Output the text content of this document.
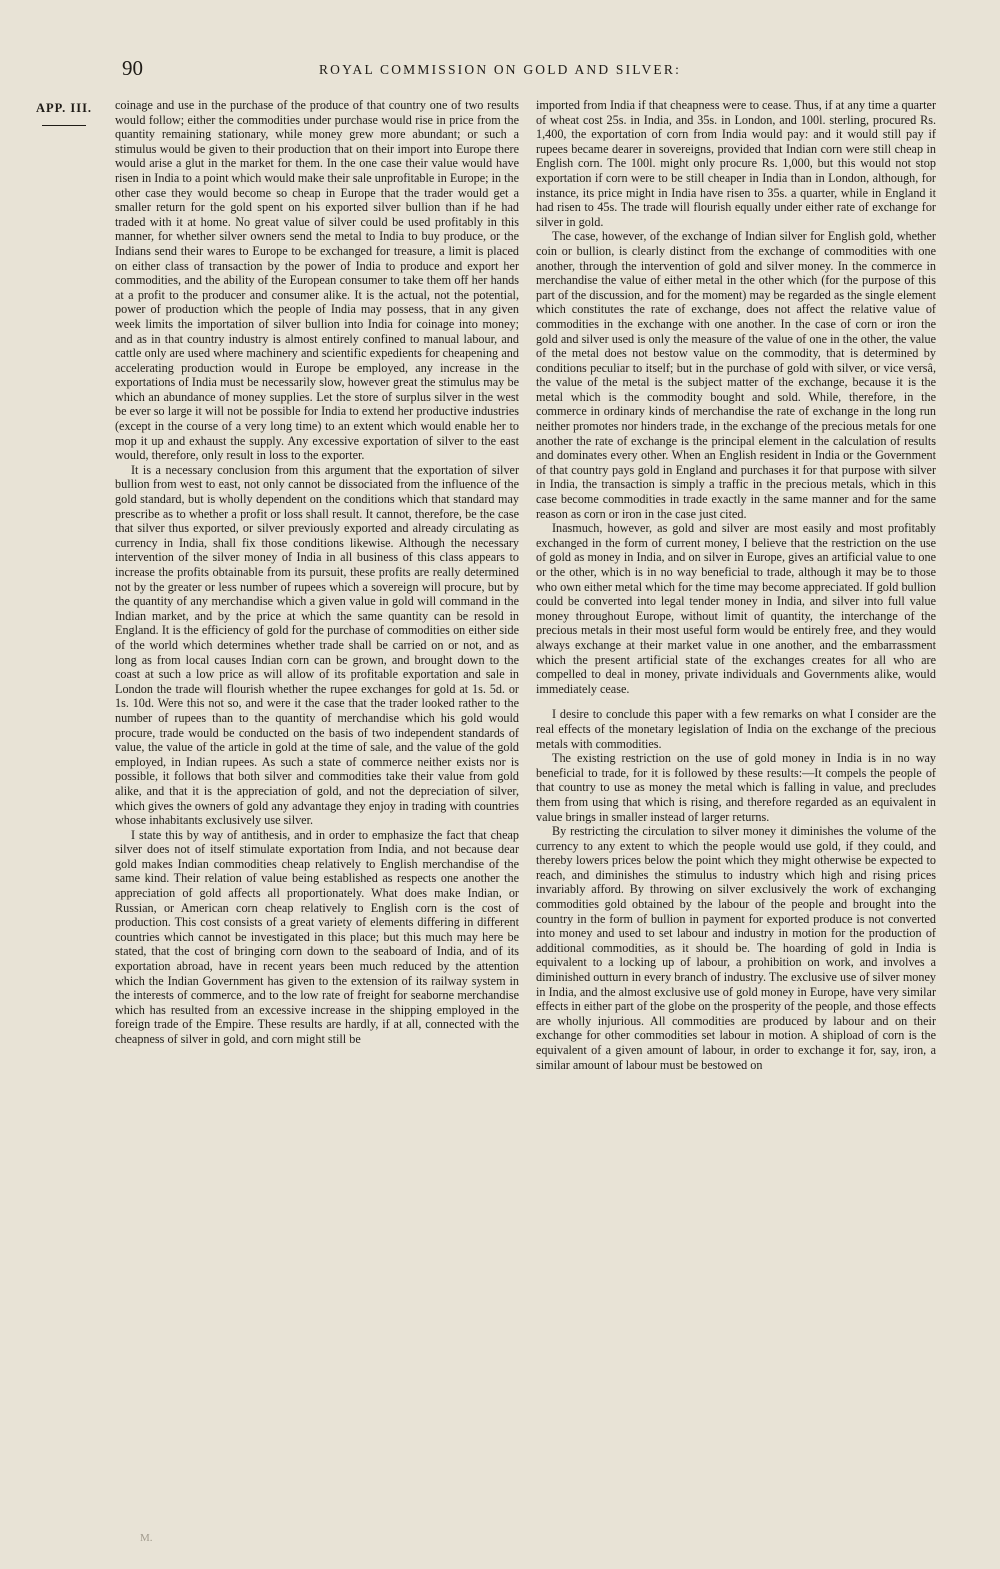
90	ROYAL COMMISSION ON GOLD AND SILVER:
APP. III. coinage and use in the purchase of the produce of that country one of two results would follow; either the commodities under purchase would rise in price from the quantity remaining stationary, while money grew more abundant; or such a stimulus would be given to their production that on their import into Europe there would arise a glut in the market for them. In the one case their value would have risen in India to a point which would make their sale unprofitable in Europe; in the other case they would become so cheap in Europe that the trader would get a smaller return for the gold spent on his exported silver bullion than if he had traded with it at home. No great value of silver could be used profitably in this manner, for whether silver owners send the metal to India to buy produce, or the Indians send their wares to Europe to be exchanged for treasure, a limit is placed on either class of transaction by the power of India to produce and export her commodities, and the ability of the European consumer to take them off her hands at a profit to the producer and consumer alike. It is the actual, not the potential, power of production which the people of India may possess, that in any given week limits the importation of silver bullion into India for coinage into money; and as in that country industry is almost entirely confined to manual labour, and cattle only are used where machinery and scientific expedients for cheapening and accelerating production would in Europe be employed, any increase in the exportations of India must be necessarily slow, however great the stimulus may be which an abundance of money supplies. Let the store of surplus silver in the west be ever so large it will not be possible for India to extend her productive industries (except in the course of a very long time) to an extent which would enable her to mop it up and exhaust the supply. Any excessive exportation of silver to the east would, therefore, only result in loss to the exporter.

It is a necessary conclusion from this argument that the exportation of silver bullion from west to east, not only cannot be dissociated from the influence of the gold standard, but is wholly dependent on the conditions which that standard may prescribe as to whether a profit or loss shall result. It cannot, therefore, be the case that silver thus exported, or silver previously exported and already circulating as currency in India, shall fix those conditions likewise. Although the necessary intervention of the silver money of India in all business of this class appears to increase the profits obtainable from its pursuit, these profits are really determined not by the greater or less number of rupees which a sovereign will procure, but by the quantity of any merchandise which a given value in gold will command in the Indian market, and by the price at which the same quantity can be resold in England. It is the efficiency of gold for the purchase of commodities on either side of the world which determines whether trade shall be carried on or not, and as long as from local causes Indian corn can be grown, and brought down to the coast at such a low price as will allow of its profitable exportation and sale in London the trade will flourish whether the rupee exchanges for gold at 1s. 5d. or 1s. 10d. Were this not so, and were it the case that the trader looked rather to the number of rupees than to the quantity of merchandise which his gold would procure, trade would be conducted on the basis of two independent standards of value, the value of the article in gold at the time of sale, and the value of the gold employed, in Indian rupees. As such a state of commerce neither exists nor is possible, it follows that both silver and commodities take their value from gold alike, and that it is the appreciation of gold, and not the depreciation of silver, which gives the owners of gold any advantage they enjoy in trading with countries whose inhabitants exclusively use silver.

I state this by way of antithesis, and in order to emphasize the fact that cheap silver does not of itself stimulate exportation from India, and not because dear gold makes Indian commodities cheap relatively to English merchandise of the same kind. Their relation of value being established as respects one another the appreciation of gold affects all proportionately. What does make Indian, or Russian, or American corn cheap relatively to English corn is the cost of production. This cost consists of a great variety of elements differing in different countries which cannot be investigated in this place; but this much may here be stated, that the cost of bringing corn down to the seaboard of India, and of its exportation abroad, have in recent years been much reduced by the attention which the Indian Government has given to the extension of its railway system in the interests of commerce, and to the low rate of freight for seaborne merchandise which has resulted from an excessive increase in the shipping employed in the foreign trade of the Empire. These results are hardly, if at all, connected with the cheapness of silver in gold, and corn might still be

imported from India if that cheapness were to cease. Thus, if at any time a quarter of wheat cost 25s. in India, and 35s. in London, and 100l. sterling, procured Rs. 1,400, the exportation of corn from India would pay: and it would still pay if rupees became dearer in sovereigns, provided that Indian corn were still cheap in English corn. The 100l. might only procure Rs. 1,000, but this would not stop exportation if corn were to be still cheaper in India than in London, although, for instance, its price might in India have risen to 35s. a quarter, while in England it had risen to 45s. The trade will flourish equally under either rate of exchange for silver in gold.

The case, however, of the exchange of Indian silver for English gold, whether coin or bullion, is clearly distinct from the exchange of commodities with one another, through the intervention of gold and silver money. In the commerce in merchandise the value of either metal in the other which (for the purpose of this part of the discussion, and for the moment) may be regarded as the single element which constitutes the rate of exchange, does not affect the relative value of commodities in the exchange with one another. In the case of corn or iron the gold and silver used is only the measure of the value of one in the other, the value of the metal does not bestow value on the commodity, that is determined by conditions peculiar to itself; but in the purchase of gold with silver, or vice versâ, the value of the metal is the subject matter of the exchange, because it is the metal which is the commodity bought and sold. While, therefore, in the commerce in ordinary kinds of merchandise the rate of exchange in the long run neither promotes nor hinders trade, in the exchange of the precious metals for one another the rate of exchange is the principal element in the calculation of results and dominates every other. When an English resident in India or the Government of that country pays gold in England and purchases it for that purpose with silver in India, the transaction is simply a traffic in the precious metals, which in this case become commodities in trade exactly in the same manner and for the same reason as corn or iron in the case just cited.

Inasmuch, however, as gold and silver are most easily and most profitably exchanged in the form of current money, I believe that the restriction on the use of gold as money in India, and on silver in Europe, gives an artificial value to one or the other, which is in no way beneficial to trade, although it may be to those who own either metal which for the time may become appreciated. If gold bullion could be converted into legal tender money in India, and silver into full value money throughout Europe, without limit of quantity, the interchange of the precious metals in their most useful form would be entirely free, and they would always exchange at their market value in one another, and the embarrassment which the present artificial state of the exchanges creates for all who are compelled to deal in money, private individuals and Governments alike, would immediately cease.

I desire to conclude this paper with a few remarks on what I consider are the real effects of the monetary legislation of India on the exchange of the precious metals with commodities.

The existing restriction on the use of gold money in India is in no way beneficial to trade, for it is followed by these results:—It compels the people of that country to use as money the metal which is falling in value, and precludes them from using that which is rising, and therefore regarded as an equivalent in value brings in smaller instead of larger returns.

By restricting the circulation to silver money it diminishes the volume of the currency to any extent to which the people would use gold, if they could, and thereby lowers prices below the point which they might otherwise be expected to reach, and diminishes the stimulus to industry which high and rising prices invariably afford. By throwing on silver exclusively the work of exchanging commodities gold obtained by the labour of the people and brought into the country in the form of bullion in payment for exported produce is not converted into money and used to set labour and industry in motion for the production of additional commodities, as it should be. The hoarding of gold in India is equivalent to a locking up of labour, a prohibition on work, and involves a diminished outturn in every branch of industry. The exclusive use of silver money in India, and the almost exclusive use of gold money in Europe, have very similar effects in either part of the globe on the prosperity of the people, and those effects are wholly injurious. All commodities are produced by labour and on their exchange for other commodities set labour in motion. A shipload of corn is the equivalent of a given amount of labour, in order to exchange it for, say, iron, a similar amount of labour must be bestowed on

M.
